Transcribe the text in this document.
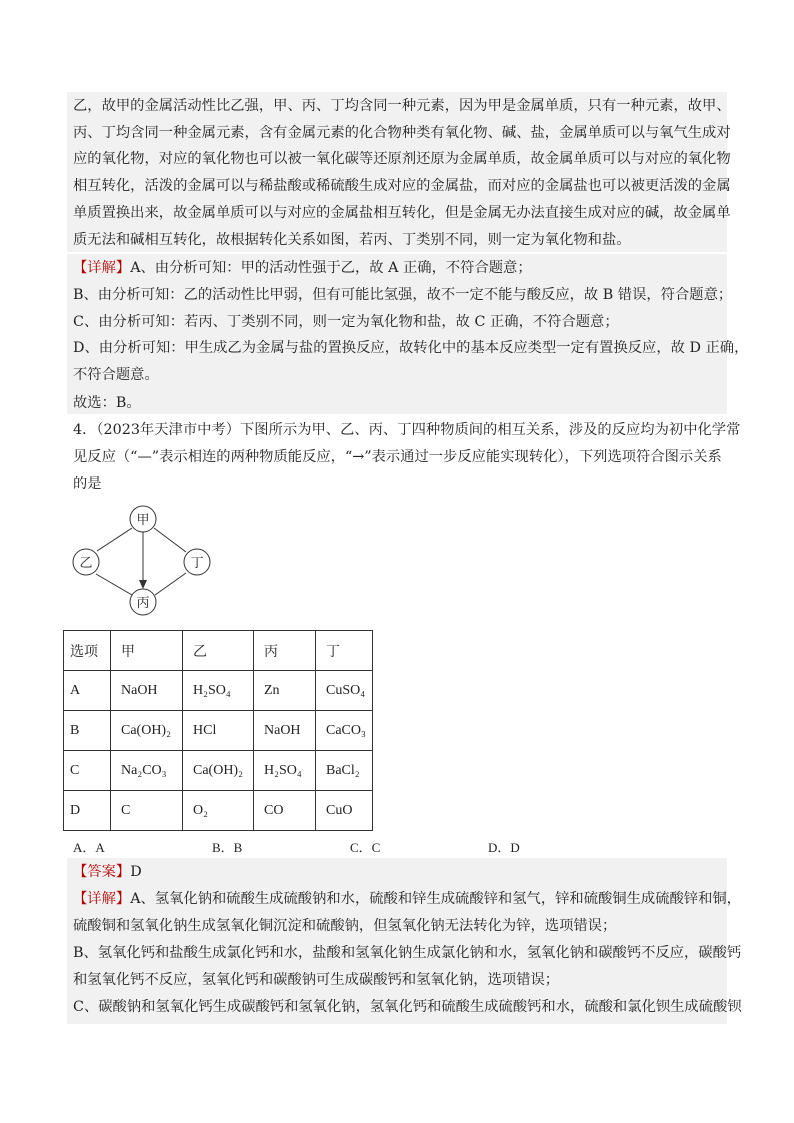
乙，故甲的金属活动性比乙强，甲、丙、丁均含同一种元素，因为甲是金属单质，只有一种元素，故甲、
丙、丁均含同一种金属元素，含有金属元素的化合物种类有氧化物、碱、盐，金属单质可以与氧气生成对
应的氧化物，对应的氧化物也可以被一氧化碳等还原剂还原为金属单质，故金属单质可以与对应的氧化物
相互转化，活泼的金属可以与稀盐酸或稀硫酸生成对应的金属盐，而对应的金属盐也可以被更活泼的金属
单质置换出来，故金属单质可以与对应的金属盐相互转化，但是金属无办法直接生成对应的碱，故金属单
质无法和碱相互转化，故根据转化关系如图，若丙、丁类别不同，则一定为氧化物和盐。
【详解】A、由分析可知：甲的活动性强于乙，故 A 正确，不符合题意；
B、由分析可知：乙的活动性比甲弱，但有可能比氢强，故不一定不能与酸反应，故 B 错误，符合题意；
C、由分析可知：若丙、丁类别不同，则一定为氧化物和盐，故 C 正确，不符合题意；
D、由分析可知：甲生成乙为金属与盐的置换反应，故转化中的基本反应类型一定有置换反应，故 D 正确，
不符合题意。
故选：B。
4．（2023年天津市中考）下图所示为甲、乙、丙、丁四种物质间的相互关系，涉及的反应均为初中化学常
见反应（“—”表示相连的两种物质能反应，“→”表示通过一步反应能实现转化），下列选项符合图示关系
的是
甲
乙	丁
丙
选项	甲	乙	丙	丁
A	NaOH	H₂SO₄	Zn	CuSO₄
B	Ca(OH)₂	HCl	NaOH	CaCO₃
C	Na₂CO₃	Ca(OH)₂	H₂SO₄	BaCl₂
D	C	O₂	CO	CuO
A．A	B．B	C．C	D．D
【答案】D
【详解】A、氢氧化钠和硫酸生成硫酸钠和水，硫酸和锌生成硫酸锌和氢气，锌和硫酸铜生成硫酸锌和铜，
硫酸铜和氢氧化钠生成氢氧化铜沉淀和硫酸钠，但氢氧化钠无法转化为锌，选项错误；
B、氢氧化钙和盐酸生成氯化钙和水，盐酸和氢氧化钠生成氯化钠和水，氢氧化钠和碳酸钙不反应，碳酸钙
和氢氧化钙不反应，氢氧化钙和碳酸钠可生成碳酸钙和氢氧化钠，选项错误；
C、碳酸钠和氢氧化钙生成碳酸钙和氢氧化钠，氢氧化钙和硫酸生成硫酸钙和水，硫酸和氯化钡生成硫酸钡
